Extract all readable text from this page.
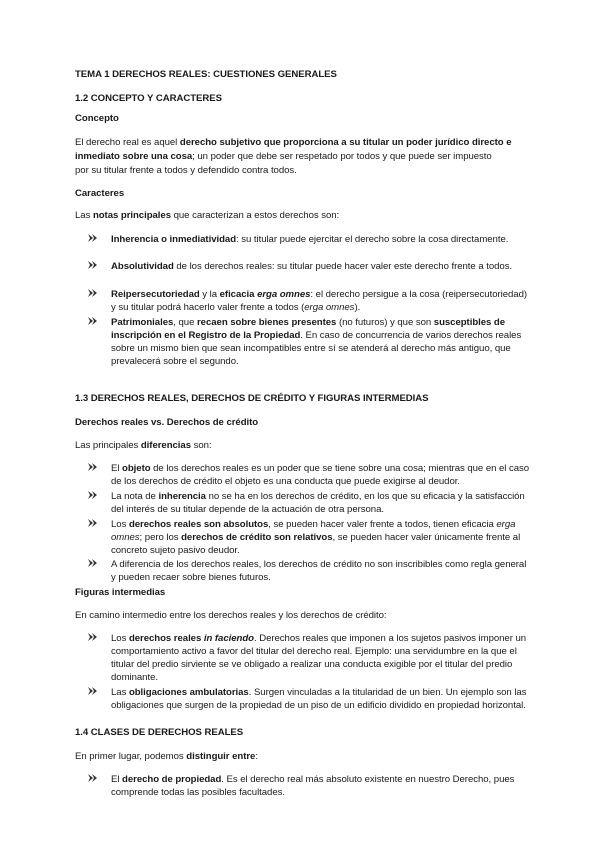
TEMA 1 DERECHOS REALES: CUESTIONES GENERALES
1.2 CONCEPTO Y CARACTERES
Concepto
El derecho real es aquel derecho subjetivo que proporciona a su titular un poder jurídico directo e
inmediato sobre una cosa; un poder que debe ser respetado por todos y que puede ser impuesto
por su titular frente a todos y defendido contra todos.
Caracteres
Las notas principales que caracterizan a estos derechos son:
Inherencia o inmediatividad: su titular puede ejercitar el derecho sobre la cosa directamente.
Absolutividad de los derechos reales: su titular puede hacer valer este derecho frente a todos.
Reipersecutoriedad y la eficacia erga omnes: el derecho persigue a la cosa (reipersecutoriedad) y su titular podrá hacerlo valer frente a todos (erga omnes).
Patrimoniales, que recaen sobre bienes presentes (no futuros) y que son susceptibles de inscripción en el Registro de la Propiedad. En caso de concurrencia de varios derechos reales sobre un mismo bien que sean incompatibles entre sí se atenderá al derecho más antiguo, que prevalecerá sobre el segundo.
1.3 DERECHOS REALES, DERECHOS DE CRÉDITO Y FIGURAS INTERMEDIAS
Derechos reales vs. Derechos de crédito
Las principales diferencias son:
El objeto de los derechos reales es un poder que se tiene sobre una cosa; mientras que en el caso de los derechos de crédito el objeto es una conducta que puede exigirse al deudor.
La nota de inherencia no se ha en los derechos de crédito, en los que su eficacia y la satisfacción del interés de su titular depende de la actuación de otra persona.
Los derechos reales son absolutos, se pueden hacer valer frente a todos, tienen eficacia erga omnes; pero los derechos de crédito son relativos, se pueden hacer valer únicamente frente al concreto sujeto pasivo deudor.
A diferencia de los derechos reales, los derechos de crédito no son inscribibles como regla general y pueden recaer sobre bienes futuros.
Figuras intermedias
En camino intermedio entre los derechos reales y los derechos de crédito:
Los derechos reales in faciendo. Derechos reales que imponen a los sujetos pasivos imponer un comportamiento activo a favor del titular del derecho real. Ejemplo: una servidumbre en la que el titular del predio sirviente se ve obligado a realizar una conducta exigible por el titular del predio dominante.
Las obligaciones ambulatorias. Surgen vinculadas a la titularidad de un bien. Un ejemplo son las obligaciones que surgen de la propiedad de un piso de un edificio dividido en propiedad horizontal.
1.4 CLASES DE DERECHOS REALES
En primer lugar, podemos distinguir entre:
El derecho de propiedad. Es el derecho real más absoluto existente en nuestro Derecho, pues comprende todas las posibles facultades.
